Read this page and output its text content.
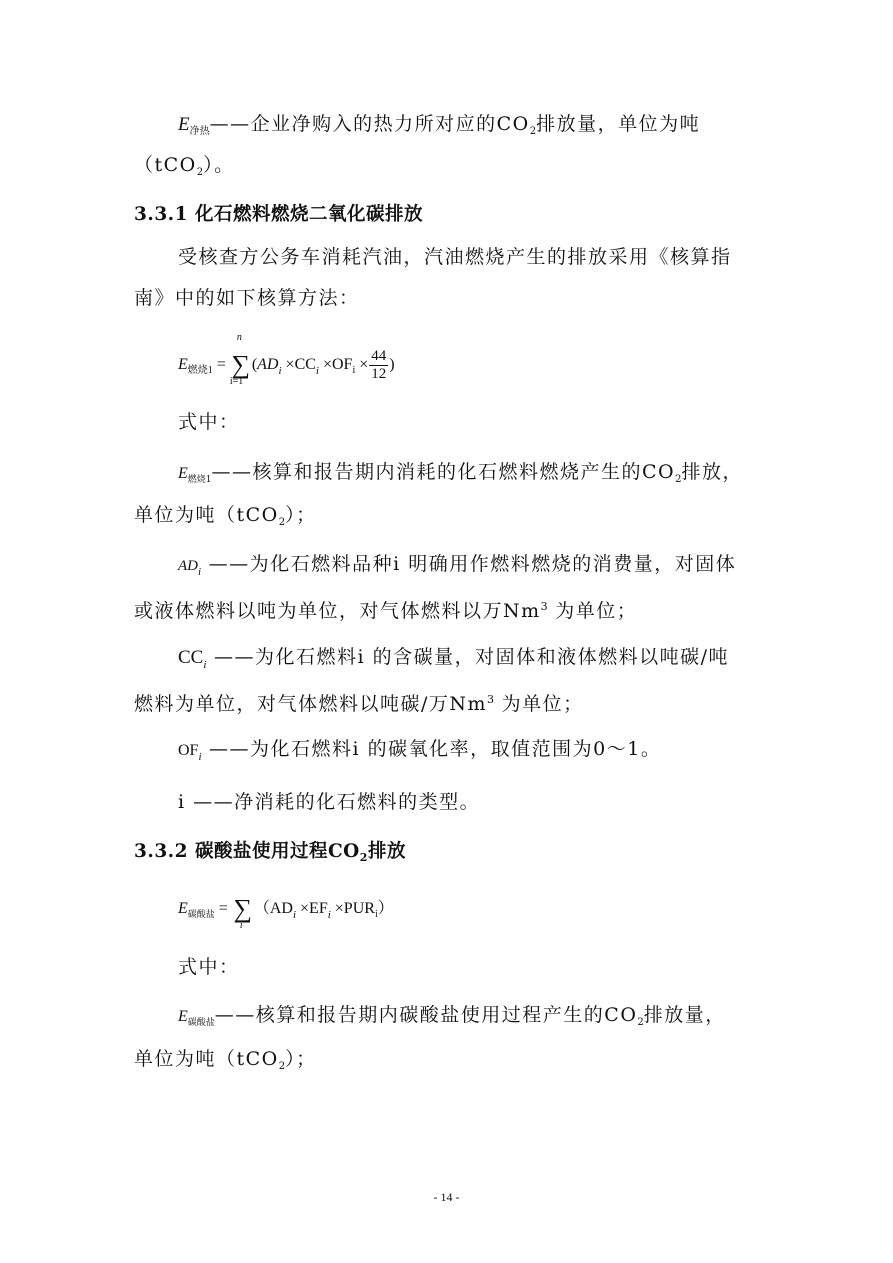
$E_{净热}——$企业净购入的热力所对应的$CO_2$排放量，单位为吨
（tCO$_2$）。
3.3.1 化石燃料燃烧二氧化碳排放
受核查方公务车消耗汽油，汽油燃烧产生的排放采用《核算指
南》中的如下核算方法：
$E_{燃烧1}$ =
n
∑
i=1
($AD_i \times CC_i \times OF_i \times \frac{44}{12}$ )
式中：
$E_{燃烧1}——$核算和报告期内消耗的化石燃料燃烧产生的$CO_2$排放，
单位为吨（tCO$_2$）；
$AD_i$ ——为化石燃料品种i 明确用作燃料燃烧的消费量，对固体
或液体燃料以吨为单位，对气体燃料以万Nm$^3$ 为单位；
$CC_i$ ——为化石燃料i 的含碳量，对固体和液体燃料以吨碳/吨
燃料为单位，对气体燃料以吨碳/万Nm$^3$ 为单位；
$OF_i$ ——为化石燃料i 的碳氧化率，取值范围为0～1。
i ——净消耗的化石燃料的类型。
3.3.2 碳酸盐使用过程$CO_2$排放
$E_{碳酸盐}$ = ∑
i
$(AD_i \times EF_i \times PUR_i)$
式中：
$E_{碳酸盐}——$核算和报告期内碳酸盐使用过程产生的$CO_2$排放量，
单位为吨（tCO$_2$）；
- 14 -
